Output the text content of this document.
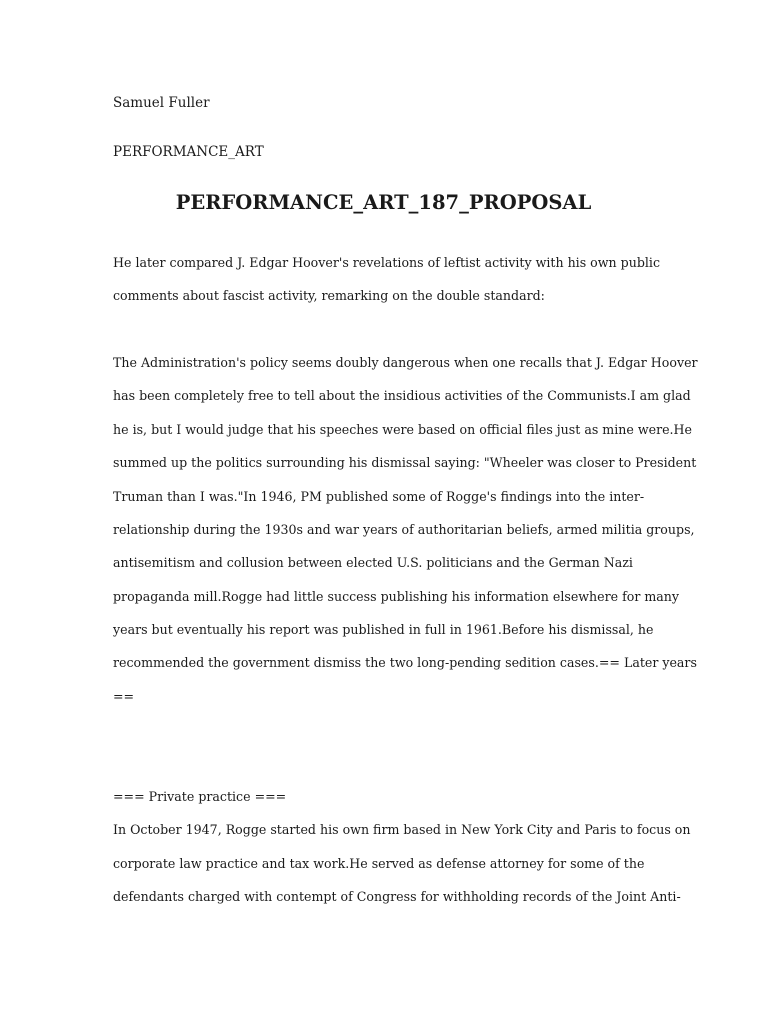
Samuel Fuller
PERFORMANCE_ART
PERFORMANCE_ART_187_PROPOSAL
He later compared J. Edgar Hoover's revelations of leftist activity with his own public
comments about fascist activity, remarking on the double standard:
The Administration's policy seems doubly dangerous when one recalls that J. Edgar Hoover
has been completely free to tell about the insidious activities of the Communists.I am glad
he is, but I would judge that his speeches were based on official files just as mine were.He
summed up the politics surrounding his dismissal saying: "Wheeler was closer to President
Truman than I was."In 1946, PM published some of Rogge's findings into the inter-
relationship during the 1930s and war years of authoritarian beliefs, armed militia groups,
antisemitism and collusion between elected U.S. politicians and the German Nazi
propaganda mill.Rogge had little success publishing his information elsewhere for many
years but eventually his report was published in full in 1961.Before his dismissal, he
recommended the government dismiss the two long-pending sedition cases.== Later years
==
=== Private practice ===
In October 1947, Rogge started his own firm based in New York City and Paris to focus on
corporate law practice and tax work.He served as defense attorney for some of the
defendants charged with contempt of Congress for withholding records of the Joint Anti-
